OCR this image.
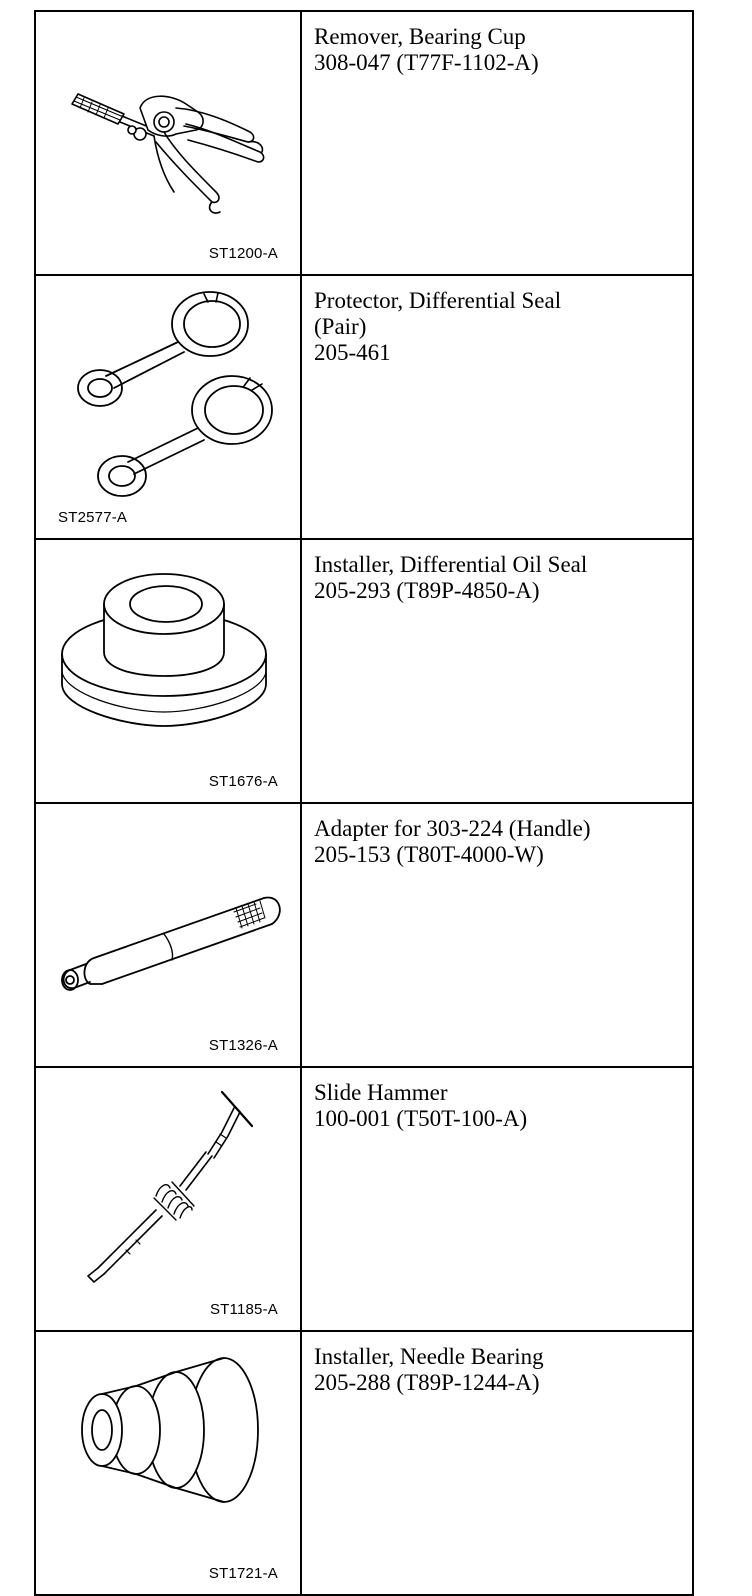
ST1200-A	Remover, Bearing Cup
308-047 (T77F-1102-A)

ST2577-A	Protector, Differential Seal
(Pair)
205-461

ST1676-A	Installer, Differential Oil Seal
205-293 (T89P-4850-A)

ST1326-A	Adapter for 303-224 (Handle)
205-153 (T80T-4000-W)

ST1185-A	Slide Hammer
100-001 (T50T-100-A)

ST1721-A	Installer, Needle Bearing
205-288 (T89P-1244-A)
